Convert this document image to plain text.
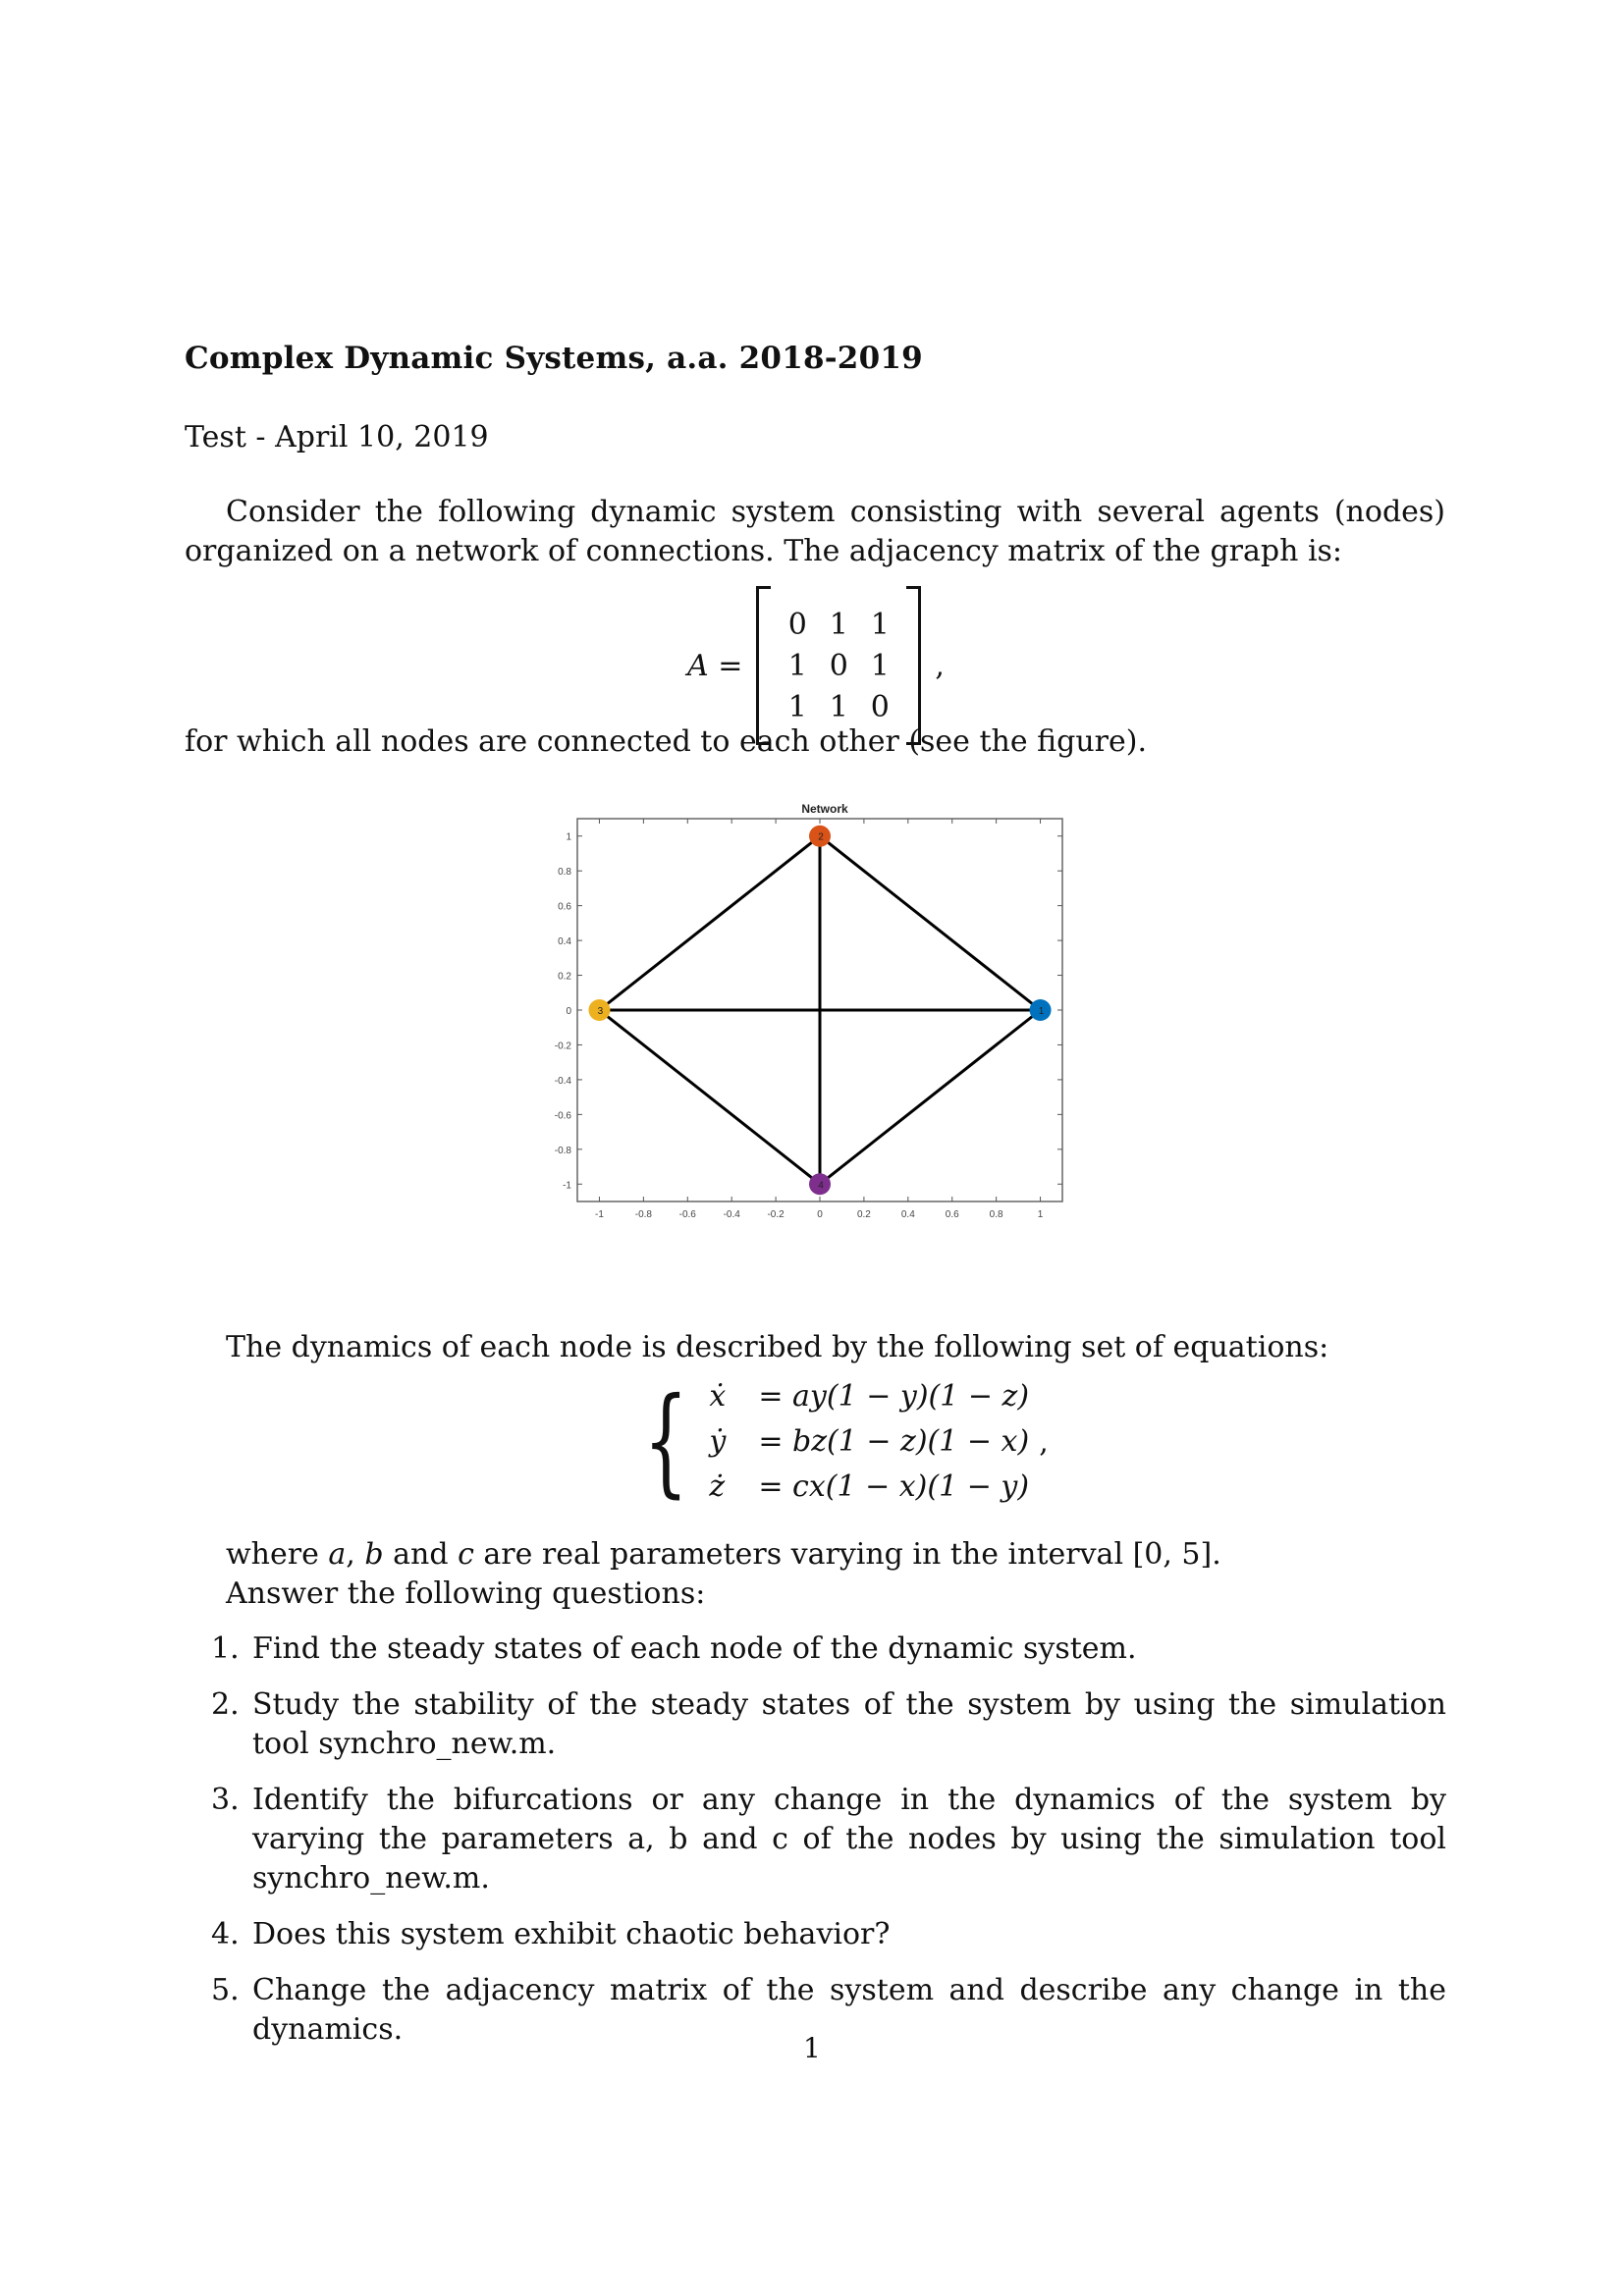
Complex Dynamic Systems, a.a. 2018-2019
Test - April 10, 2019
Consider the following dynamic system consisting with several agents (nodes) organized on a network of connections. The adjacency matrix of the graph is:
A =
0 1 1
1 0 1
1 1 0
,
for which all nodes are connected to each other (see the figure).
Network
1
0.8
0.6
0.4
0.2
0
-0.2
-0.4
-0.6
-0.8
-1
-1	-0.8	-0.6	-0.4	-0.2	0	0.2	0.4	0.6	0.8	1
1
2
3
4
The dynamics of each node is described by the following set of equations:
{ ẋ	= ay(1 − y)(1 − z)
ẏ	= bz(1 − z)(1 − x)
ż	= cx(1 − x)(1 − y)
,
where a, b and c are real parameters varying in the interval [0, 5].
Answer the following questions:
1. Find the steady states of each node of the dynamic system.
2. Study the stability of the steady states of the system by using the simulation tool synchro_new.m.
3. Identify the bifurcations or any change in the dynamics of the system by varying the parameters a, b and c of the nodes by using the simulation tool synchro_new.m.
4. Does this system exhibit chaotic behavior?
5. Change the adjacency matrix of the system and describe any change in the dynamics.
1
